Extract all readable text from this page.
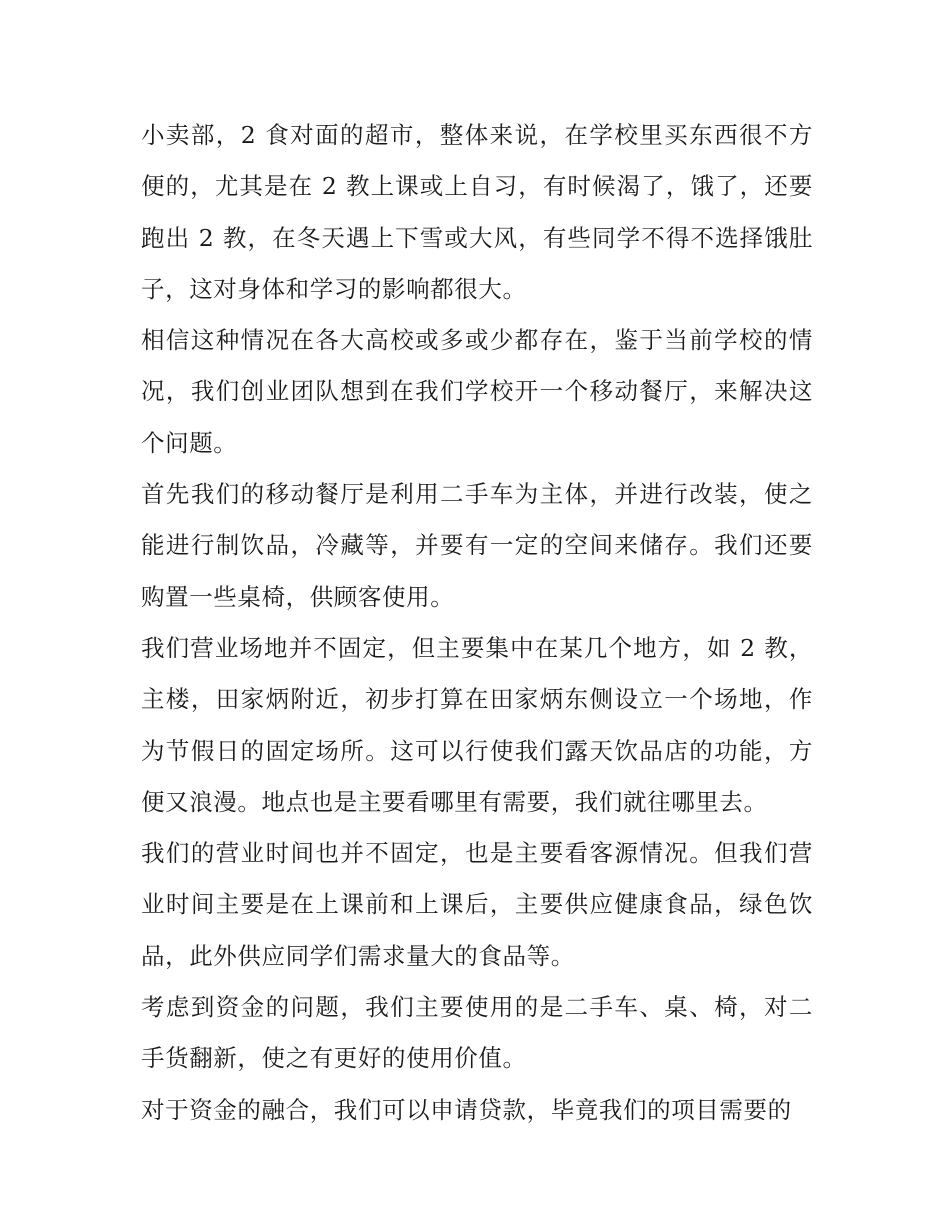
小卖部，2 食对面的超市，整体来说，在学校里买东西很不方便的，尤其是在 2 教上课或上自习，有时候渴了，饿了，还要跑出 2 教，在冬天遇上下雪或大风，有些同学不得不选择饿肚子，这对身体和学习的影响都很大。

相信这种情况在各大高校或多或少都存在，鉴于当前学校的情况，我们创业团队想到在我们学校开一个移动餐厅，来解决这个问题。

首先我们的移动餐厅是利用二手车为主体，并进行改装，使之能进行制饮品，冷藏等，并要有一定的空间来储存。我们还要购置一些桌椅，供顾客使用。

我们营业场地并不固定，但主要集中在某几个地方，如 2 教，主楼，田家炳附近，初步打算在田家炳东侧设立一个场地，作为节假日的固定场所。这可以行使我们露天饮品店的功能，方便又浪漫。地点也是主要看哪里有需要，我们就往哪里去。

我们的营业时间也并不固定，也是主要看客源情况。但我们营业时间主要是在上课前和上课后，主要供应健康食品，绿色饮品，此外供应同学们需求量大的食品等。

考虑到资金的问题，我们主要使用的是二手车、桌、椅，对二手货翻新，使之有更好的使用价值。

对于资金的融合，我们可以申请贷款，毕竟我们的项目需要的
